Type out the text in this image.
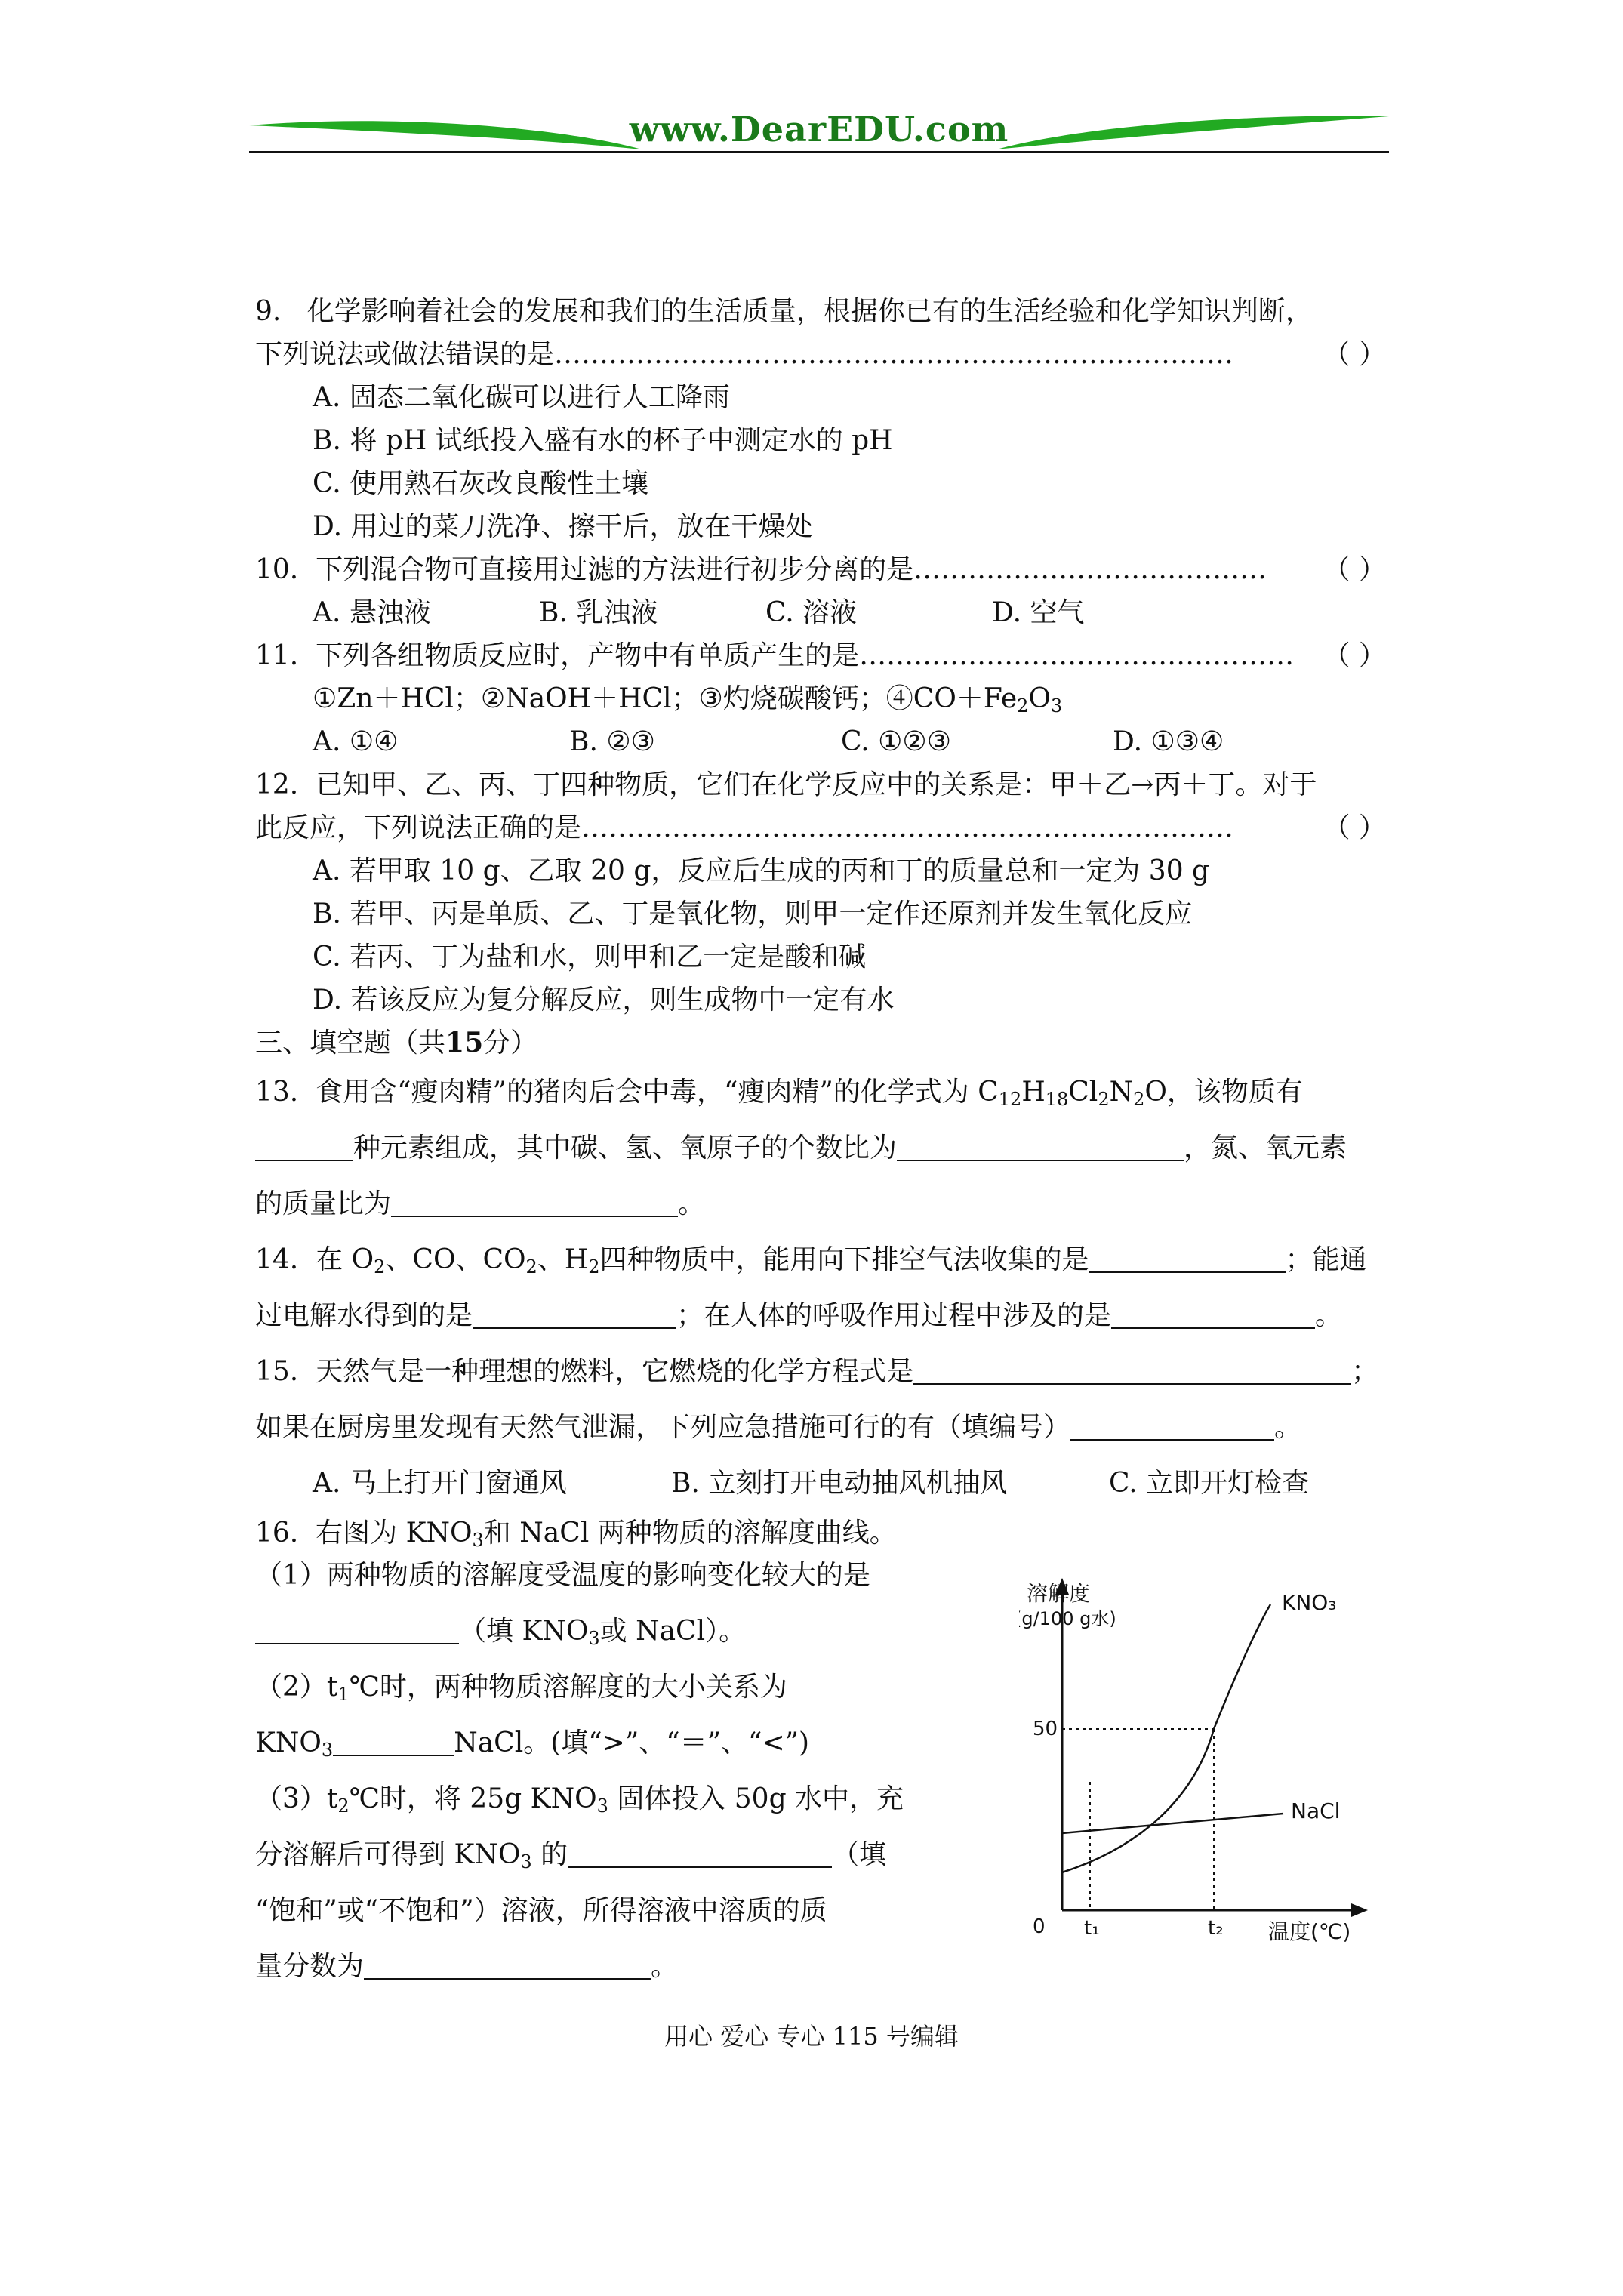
www.DearEDU.com
9. 化学影响着社会的发展和我们的生活质量，根据你已有的生活经验和化学知识判断，
下列说法或做法错误的是…………………………………………………………………	（ ）
A. 固态二氧化碳可以进行人工降雨
B. 将 pH 试纸投入盛有水的杯子中测定水的 pH
C. 使用熟石灰改良酸性土壤
D. 用过的菜刀洗净、擦干后，放在干燥处
10. 下列混合物可直接用过滤的方法进行初步分离的是………………………………… （ ）
A. 悬浊液	B. 乳浊液	C. 溶液	D. 空气
11. 下列各组物质反应时，产物中有单质产生的是………………………………………… （ ）
①Zn＋HCl；②NaOH＋HCl；③灼烧碳酸钙；$④CO+Fe_2O_3$
A. ①④	B. ②③	C. ①②③	D. ①③④
12. 已知甲、乙、丙、丁四种物质，它们在化学反应中的关系是：甲＋乙→丙＋丁。对于
此反应，下列说法正确的是………………………………………………………………	（ ）
A. 若甲取 10 g、乙取 20 g，反应后生成的丙和丁的质量总和一定为 30 g
B. 若甲、丙是单质、乙、丁是氧化物，则甲一定作还原剂并发生氧化反应
C. 若丙、丁为盐和水，则甲和乙一定是酸和碱
D. 若该反应为复分解反应，则生成物中一定有水
三、填空题（共15分）
13. 食用含“瘦肉精”的猪肉后会中毒，“瘦肉精”的化学式为 $C_{12}H_{18}Cl_2N_2O$，该物质有
种元素组成，其中碳、氢、氧原子的个数比为	，氮、氧元素
的质量比为	。
14. 在 $O_2$、CO、$CO_2$、$H_2$四种物质中，能用向下排空气法收集的是	；能通
过电解水得到的是	；在人体的呼吸作用过程中涉及的是	。
15. 天然气是一种理想的燃料，它燃烧的化学方程式是	；
如果在厨房里发现有天然气泄漏，下列应急措施可行的有（填编号）	。
A. 马上打开门窗通风	B. 立刻打开电动抽风机抽风	C. 立即开灯检查
16. 右图为 $KNO_3$和 NaCl 两种物质的溶解度曲线。
（1）两种物质的溶解度受温度的影响变化较大的是
（填 $KNO_3$或 NaCl）。
$(2)t_1℃$时，两种物质溶解度的大小关系为
$KNO_3$	NaCl。(填“>”、“＝”、“<”)
$(3)t_2℃$时，将 25g $KNO_3$ 固体投入 50g 水中，充
分溶解后可得到 $KNO_3$ 的	（填
“饱和”或“不饱和”）溶液，所得溶液中溶质的质
量分数为	。
溶解度
(g/100 g水)
50
0 t₁	t₂ 温度(℃)
KNO₃
NaCl
用心 爱心 专心 115 号编辑
